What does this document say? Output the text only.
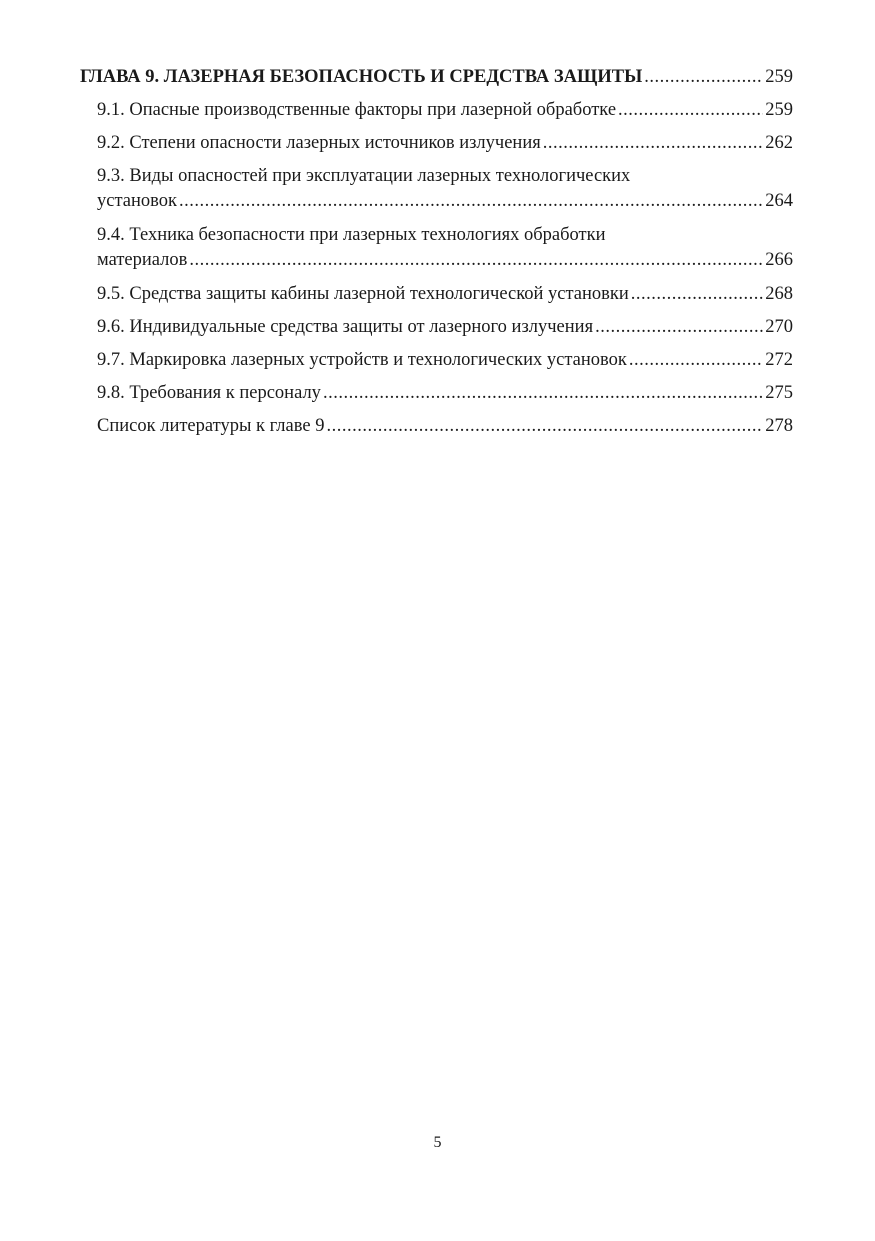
ГЛАВА 9. ЛАЗЕРНАЯ БЕЗОПАСНОСТЬ И СРЕДСТВА ЗАЩИТЫ .....	259
9.1. Опасные производственные факторы при лазерной обработке .....	259
9.2. Степени опасности лазерных источников излучения .....	262
9.3. Виды опасностей при эксплуатации лазерных технологических
установок .....	264
9.4. Техника безопасности при лазерных технологиях обработки
материалов .....	266
9.5. Средства защиты кабины лазерной технологической установки .....	268
9.6. Индивидуальные средства защиты от лазерного излучения .....	270
9.7. Маркировка лазерных устройств и технологических установок .....	272
9.8. Требования к персоналу .....	275
Список литературы к главе 9 .....	278
5
